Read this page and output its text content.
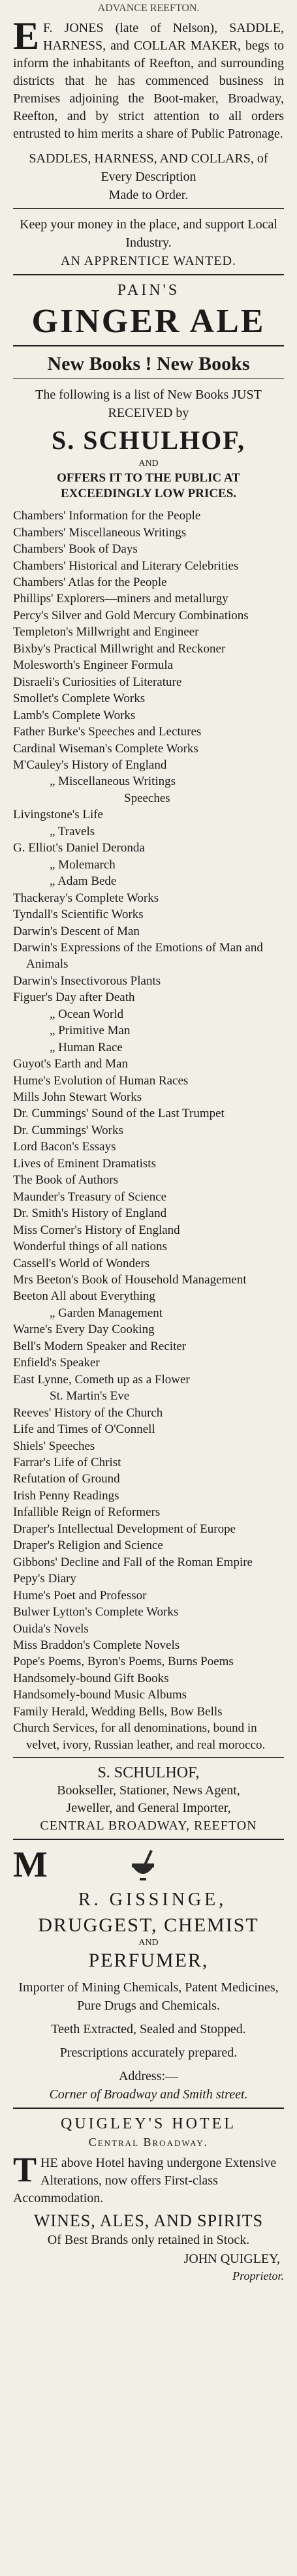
ADVANCE REEFTON.
E F. JONES (late of Nelson), SADDLE, HARNESS, and COLLAR MAKER, begs to inform the inhabitants of Reefton, and surrounding districts that he has commenced business in Premises adjoining the Boot-maker, Broadway, Reefton, and by strict attention to all orders entrusted to him merits a share of Public Patronage.
SADDLES, HARNESS, AND COLLARS, of Every Description
Made to Order.
Keep your money in the place, and support Local Industry.
AN APPRENTICE WANTED.
PAIN'S
GINGER ALE
New Books ! New Books
The following is a list of New Books JUST RECEIVED by
S. SCHULHOF,
AND
OFFERS IT TO THE PUBLIC AT EXCEEDINGLY LOW PRICES.
Chambers' Information for the People
Chambers' Miscellaneous Writings
Chambers' Book of Days
Chambers' Historical and Literary Celebrities
Chambers' Atlas for the People
Phillips' Explorers—miners and metallurgy
Percy's Silver and Gold Mercury Combinations
Templeton's Millwright and Engineer
Bixby's Practical Millwright and Reckoner
Molesworth's Engineer Formula
Disraeli's Curiosities of Literature
Smollet's Complete Works
Lamb's Complete Works
Father Burke's Speeches and Lectures
Cardinal Wiseman's Complete Works
M'Cauley's History of England
„ Miscellaneous Writings
Speeches
Livingstone's Life
„ Travels
G. Elliot's Daniel Deronda
„ Molemarch
„ Adam Bede
Thackeray's Complete Works
Tyndall's Scientific Works
Darwin's Descent of Man
Darwin's Expressions of the Emotions of Man and Animals
Darwin's Insectivorous Plants
Figuer's Day after Death
„ Ocean World
„ Primitive Man
„ Human Race
Guyot's Earth and Man
Hume's Evolution of Human Races
Mills John Stewart Works
Dr. Cummings' Sound of the Last Trumpet
Dr. Cummings' Works
Lord Bacon's Essays
Lives of Eminent Dramatists
The Book of Authors
Maunder's Treasury of Science
Dr. Smith's History of England
Miss Corner's History of England
Wonderful things of all nations
Cassell's World of Wonders
Mrs Beeton's Book of Household Management
Beeton All about Everything
„ Garden Management
Warne's Every Day Cooking
Bell's Modern Speaker and Reciter
Enfield's Speaker
East Lynne, Cometh up as a Flower
St. Martin's Eve
Reeves' History of the Church
Life and Times of O'Connell
Shiels' Speeches
Farrar's Life of Christ
Refutation of Ground
Irish Penny Readings
Infallible Reign of Reformers
Draper's Intellectual Development of Europe
Draper's Religion and Science
Gibbons' Decline and Fall of the Roman Empire
Pepy's Diary
Hume's Poet and Professor
Bulwer Lytton's Complete Works
Ouida's Novels
Miss Braddon's Complete Novels
Pope's Poems, Byron's Poems, Burns Poems
Handsomely-bound Gift Books
Handsomely-bound Music Albums
Family Herald, Wedding Bells, Bow Bells
Church Services, for all denominations, bound in velvet, ivory, Russian leather, and real morocco.
S. SCHULHOF,
Bookseller, Stationer, News Agent,
Jeweller, and General Importer,
CENTRAL BROADWAY, REEFTON
M
R. GISSINGE,
DRUGGEST, CHEMIST
AND
PERFUMER,
Importer of Mining Chemicals, Patent Medicines, Pure Drugs and Chemicals.
Teeth Extracted, Sealed and Stopped.
Prescriptions accurately prepared.
Address:—
Corner of Broadway and Smith street.
QUIGLEY'S HOTEL
Central Broadway.
T HE above Hotel having undergone Extensive Alterations, now offers First-class Accommodation.
WINES, ALES, AND SPIRITS
Of Best Brands only retained in Stock.
JOHN QUIGLEY,
Proprietor.
